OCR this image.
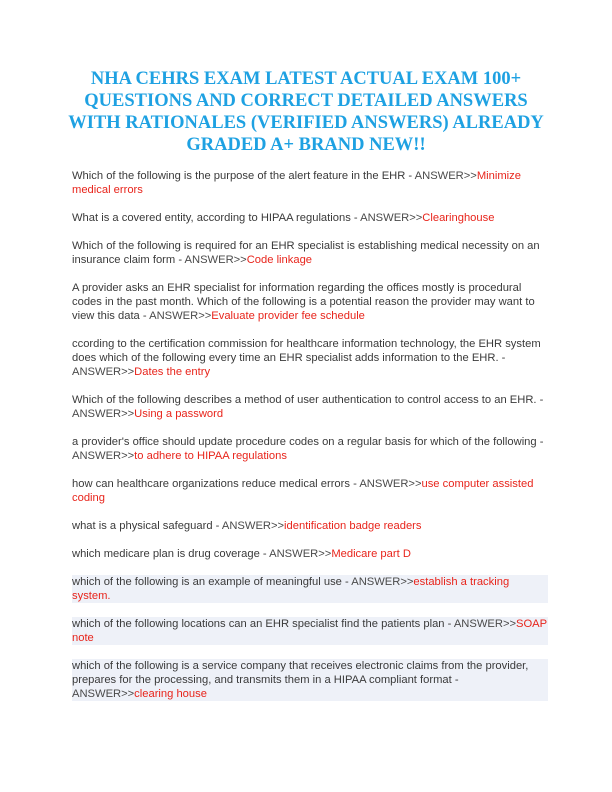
NHA CEHRS EXAM LATEST ACTUAL EXAM 100+ QUESTIONS AND CORRECT DETAILED ANSWERS WITH RATIONALES (VERIFIED ANSWERS) ALREADY GRADED A+ BRAND NEW!!

Which of the following is the purpose of the alert feature in the EHR - ANSWER>>Minimize medical errors

What is a covered entity, according to HIPAA regulations - ANSWER>>Clearinghouse

Which of the following is required for an EHR specialist is establishing medical necessity on an insurance claim form - ANSWER>>Code linkage

A provider asks an EHR specialist for information regarding the offices mostly is procedural codes in the past month. Which of the following is a potential reason the provider may want to view this data - ANSWER>>Evaluate provider fee schedule

ccording to the certification commission for healthcare information technology, the EHR system does which of the following every time an EHR specialist adds information to the EHR. - ANSWER>>Dates the entry

Which of the following describes a method of user authentication to control access to an EHR. - ANSWER>>Using a password

a provider's office should update procedure codes on a regular basis for which of the following - ANSWER>>to adhere to HIPAA regulations

how can healthcare organizations reduce medical errors - ANSWER>>use computer assisted coding

what is a physical safeguard - ANSWER>>identification badge readers

which medicare plan is drug coverage - ANSWER>>Medicare part D

which of the following is an example of meaningful use - ANSWER>>establish a tracking system.

which of the following locations can an EHR specialist find the patients plan - ANSWER>>SOAP note

which of the following is a service company that receives electronic claims from the provider, prepares for the processing, and transmits them in a HIPAA compliant format - ANSWER>>clearing house
